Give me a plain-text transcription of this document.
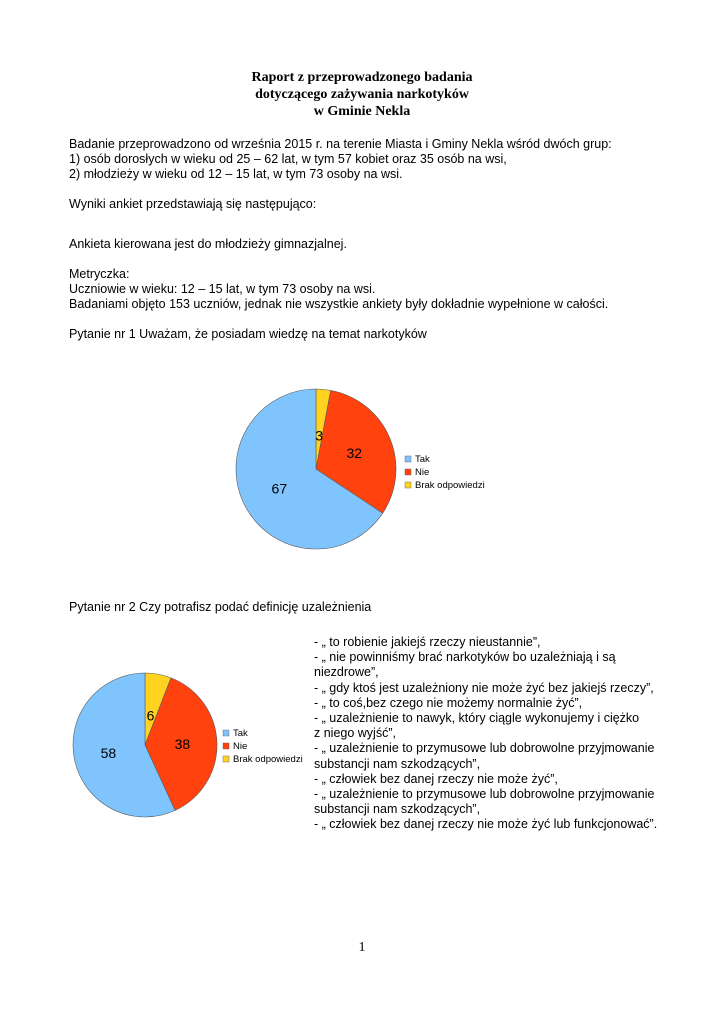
Raport z przeprowadzonego badania
dotyczącego zażywania narkotyków
w Gminie Nekla
Badanie przeprowadzono od września 2015 r. na terenie Miasta i Gminy Nekla wśród dwóch grup:
1) osób dorosłych w wieku od 25 – 62 lat, w tym 57 kobiet oraz 35 osób na wsi,
2) młodzieży w wieku od 12 – 15 lat, w tym 73 osoby na wsi.
Wyniki ankiet przedstawiają się następująco:
Ankieta kierowana jest do młodzieży gimnazjalnej.
Metryczka:
Uczniowie w wieku: 12 – 15 lat, w tym 73 osoby na wsi.
Badaniami objęto 153 uczniów, jednak nie wszystkie ankiety były dokładnie wypełnione w całości.
Pytanie nr 1 Uważam, że posiadam wiedzę na temat narkotyków
3
32
67
Tak
Nie
Brak odpowiedzi
Pytanie nr 2 Czy potrafisz podać definicję uzależnienia
6
38
58
Tak
Nie
Brak odpowiedzi
- „ to robienie jakiejś rzeczy nieustannie”,
- „ nie powinniśmy brać narkotyków bo uzależniają i są
niezdrowe”,
- „ gdy ktoś jest uzależniony nie może żyć bez jakiejś rzeczy”,
- „ to coś,bez czego nie możemy normalnie żyć”,
- „ uzależnienie to nawyk, który ciągle wykonujemy i ciężko
z niego wyjść”,
- „ uzależnienie to przymusowe lub dobrowolne przyjmowanie
substancji nam szkodzących”,
- „ człowiek bez danej rzeczy nie może żyć”,
- „ uzależnienie to przymusowe lub dobrowolne przyjmowanie
substancji nam szkodzących”,
- „ człowiek bez danej rzeczy nie może żyć lub funkcjonować”.
1
